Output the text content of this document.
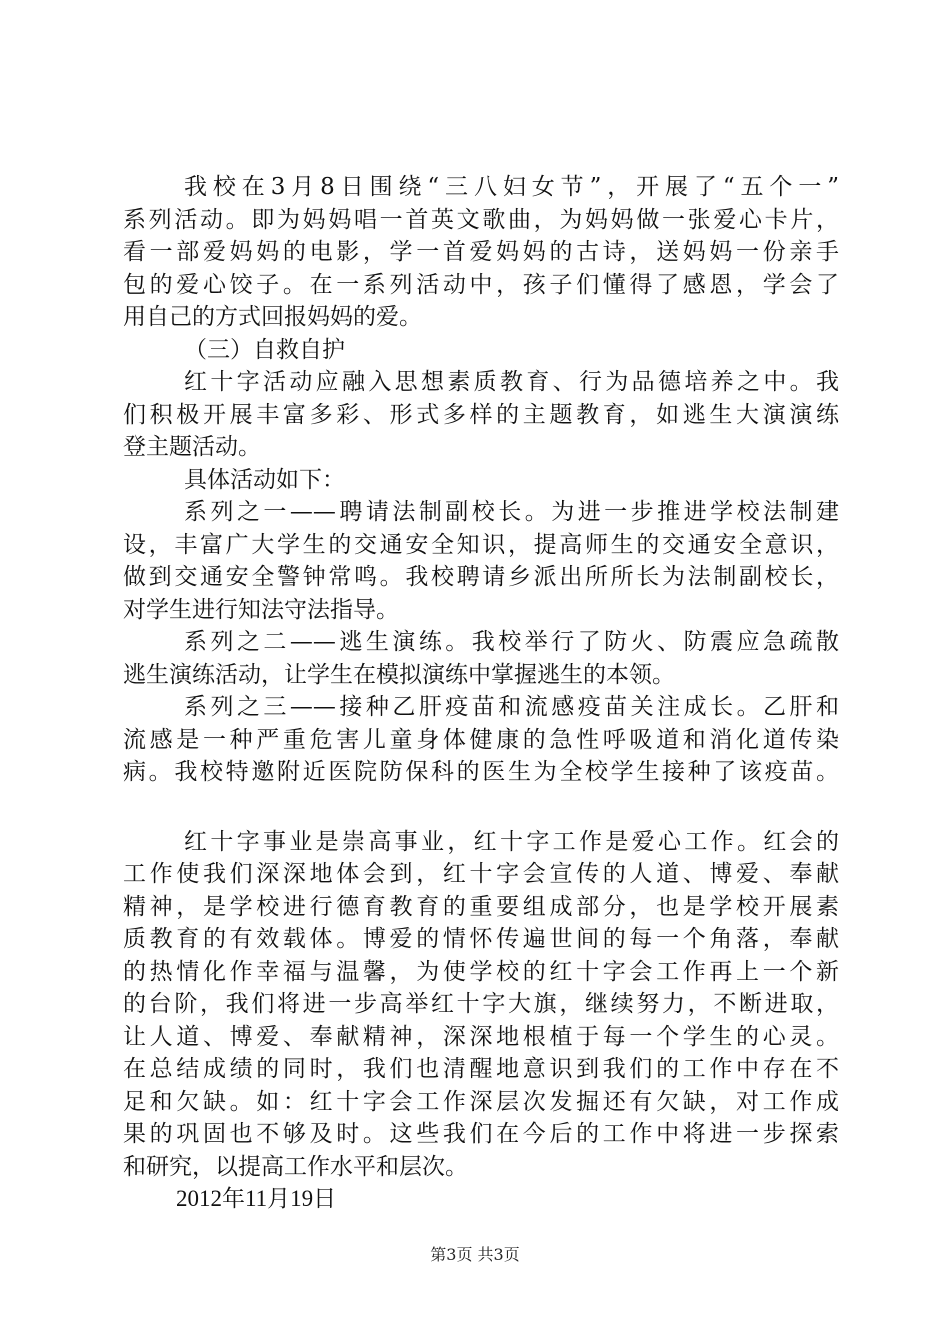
我校在3月8日围绕“三八妇女节”，开展了“五个一”
系列活动。即为妈妈唱一首英文歌曲，为妈妈做一张爱心卡片，
看一部爱妈妈的电影，学一首爱妈妈的古诗，送妈妈一份亲手
包的爱心饺子。在一系列活动中，孩子们懂得了感恩，学会了
用自己的方式回报妈妈的爱。
（三）自救自护
红十字活动应融入思想素质教育、行为品德培养之中。我
们积极开展丰富多彩、形式多样的主题教育，如逃生大演演练
登主题活动。
具体活动如下：
系列之一——聘请法制副校长。为进一步推进学校法制建
设，丰富广大学生的交通安全知识，提高师生的交通安全意识，
做到交通安全警钟常鸣。我校聘请乡派出所所长为法制副校长，
对学生进行知法守法指导。
系列之二——逃生演练。我校举行了防火、防震应急疏散
逃生演练活动，让学生在模拟演练中掌握逃生的本领。
系列之三——接种乙肝疫苗和流感疫苗关注成长。乙肝和
流感是一种严重危害儿童身体健康的急性呼吸道和消化道传染
病。我校特邀附近医院防保科的医生为全校学生接种了该疫苗。
红十字事业是崇高事业，红十字工作是爱心工作。红会的
工作使我们深深地体会到，红十字会宣传的人道、博爱、奉献
精神，是学校进行德育教育的重要组成部分，也是学校开展素
质教育的有效载体。博爱的情怀传遍世间的每一个角落，奉献
的热情化作幸福与温馨，为使学校的红十字会工作再上一个新
的台阶，我们将进一步高举红十字大旗，继续努力，不断进取，
让人道、博爱、奉献精神，深深地根植于每一个学生的心灵。
在总结成绩的同时，我们也清醒地意识到我们的工作中存在不
足和欠缺。如：红十字会工作深层次发掘还有欠缺，对工作成
果的巩固也不够及时。这些我们在今后的工作中将进一步探索
和研究，以提高工作水平和层次。
2012年11月19日
第3页 共3页
